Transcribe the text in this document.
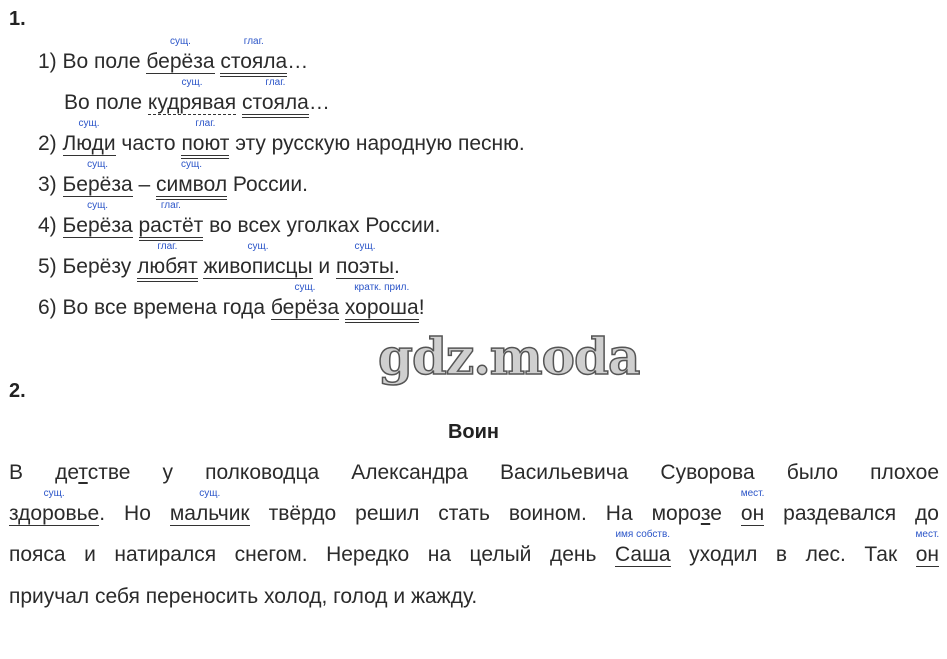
1.
1) Во поле
сущ.
берёза
глаг.
стояла…
Во поле
сущ.
кудрявая
глаг.
стояла…
2)
сущ.
Люди часто
глаг.
поют эту русскую народную песню.
3)
сущ.
Берёза –
сущ.
символ России.
4)
сущ.
Берёза
глаг.
растёт во всех уголках России.
5) Берёзу
глаг.
любят
сущ.
живописцы и
сущ.
поэты.
6) Во все времена года
сущ.
берёза
кратк. прил.
хороша!
gdz.moda
2.
Воин
В детстве у полководца Александра Васильевича Суворова было плохое
сущ.
здоровье. Но
сущ.
мальчик твёрдо решил стать воином. На морозе
мест.
он раздевался до
пояса и натирался снегом. Нередко на целый день
имя собств.
Саша уходил в лес. Так
мест.
он
приучал себя переносить холод, голод и жажду.
